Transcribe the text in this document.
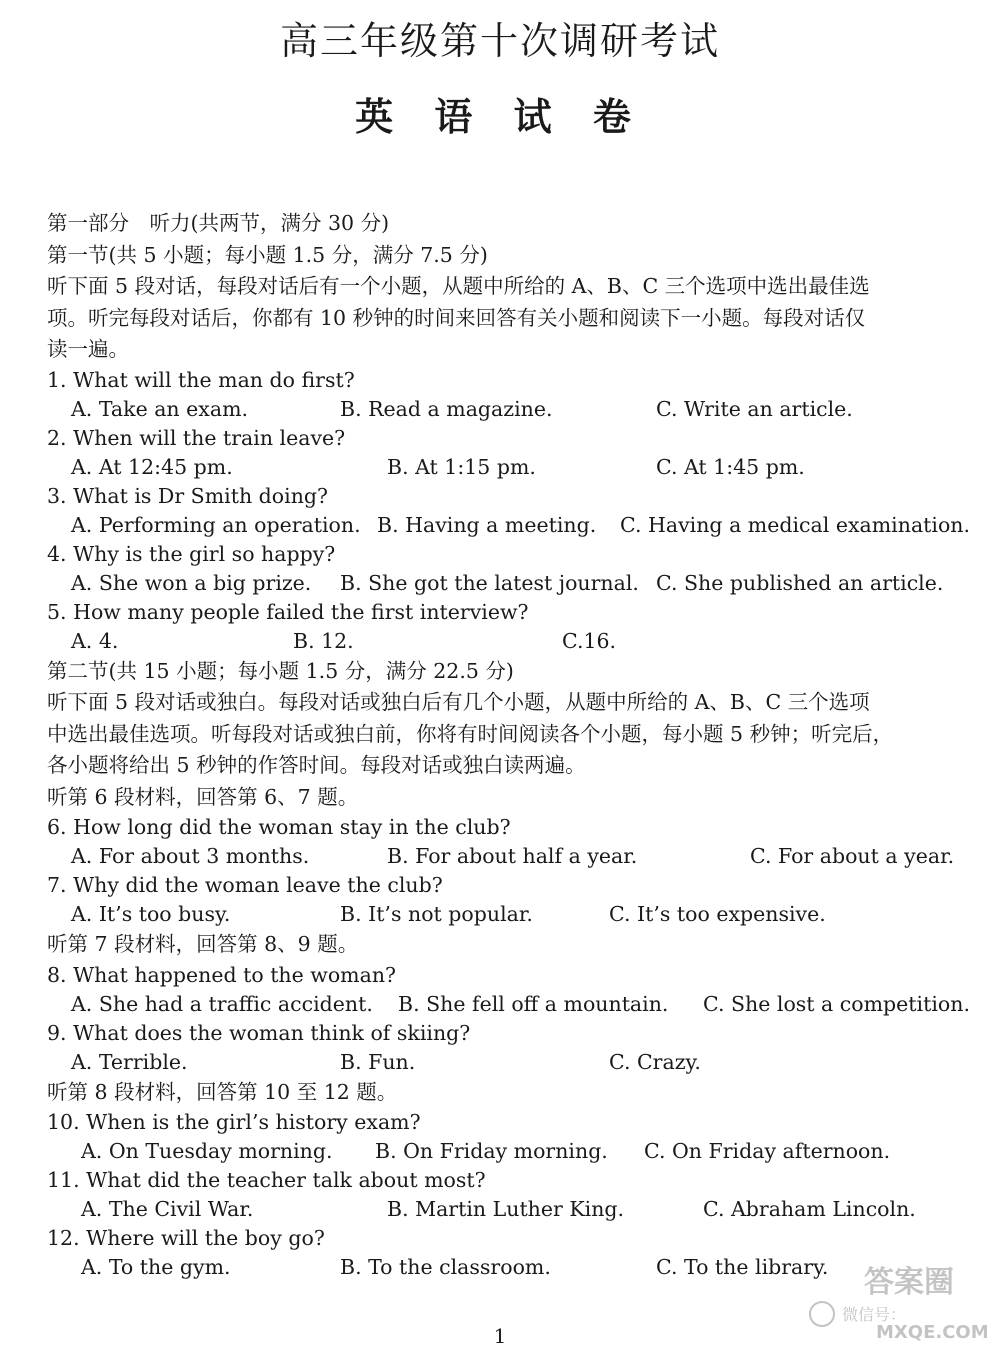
高三年级第十次调研考试
英 语 试 卷
第一部分　听力(共两节，满分 30 分)
第一节(共 5 小题；每小题 1.5 分，满分 7.5 分)
听下面 5 段对话，每段对话后有一个小题，从题中所给的 A、B、C 三个选项中选出最佳选
项。听完每段对话后，你都有 10 秒钟的时间来回答有关小题和阅读下一小题。每段对话仅
读一遍。
1. What will the man do first?
A. Take an exam.	B. Read a magazine.	C. Write an article.
2. When will the train leave?
A. At 12:45 pm.	B. At 1:15 pm.	C. At 1:45 pm.
3. What is Dr Smith doing?
A. Performing an operation. B. Having a meeting. C. Having a medical examination.
4. Why is the girl so happy?
A. She won a big prize. B. She got the latest journal. C. She published an article.
5. How many people failed the first interview?
A. 4.	B. 12.	C.16.
第二节(共 15 小题；每小题 1.5 分，满分 22.5 分)
听下面 5 段对话或独白。每段对话或独白后有几个小题，从题中所给的 A、B、C 三个选项
中选出最佳选项。听每段对话或独白前，你将有时间阅读各个小题，每小题 5 秒钟；听完后，
各小题将给出 5 秒钟的作答时间。每段对话或独白读两遍。
听第 6 段材料，回答第 6、7 题。
6. How long did the woman stay in the club?
A. For about 3 months.	B. For about half a year.	C. For about a year.
7. Why did the woman leave the club?
A. It’s too busy.	B. It’s not popular.	C. It’s too expensive.
听第 7 段材料，回答第 8、9 题。
8. What happened to the woman?
A. She had a traffic accident. B. She fell off a mountain. C. She lost a competition.
9. What does the woman think of skiing?
A. Terrible.	B. Fun.	C. Crazy.
听第 8 段材料，回答第 10 至 12 题。
10. When is the girl’s history exam?
A. On Tuesday morning. B. On Friday morning. C. On Friday afternoon.
11. What did the teacher talk about most?
A. The Civil War.	B. Martin Luther King.	C. Abraham Lincoln.
12. Where will the boy go?
A. To the gym.	B. To the classroom.	C. To the library.
1
答案圈
微信号：
MXQE.COM
